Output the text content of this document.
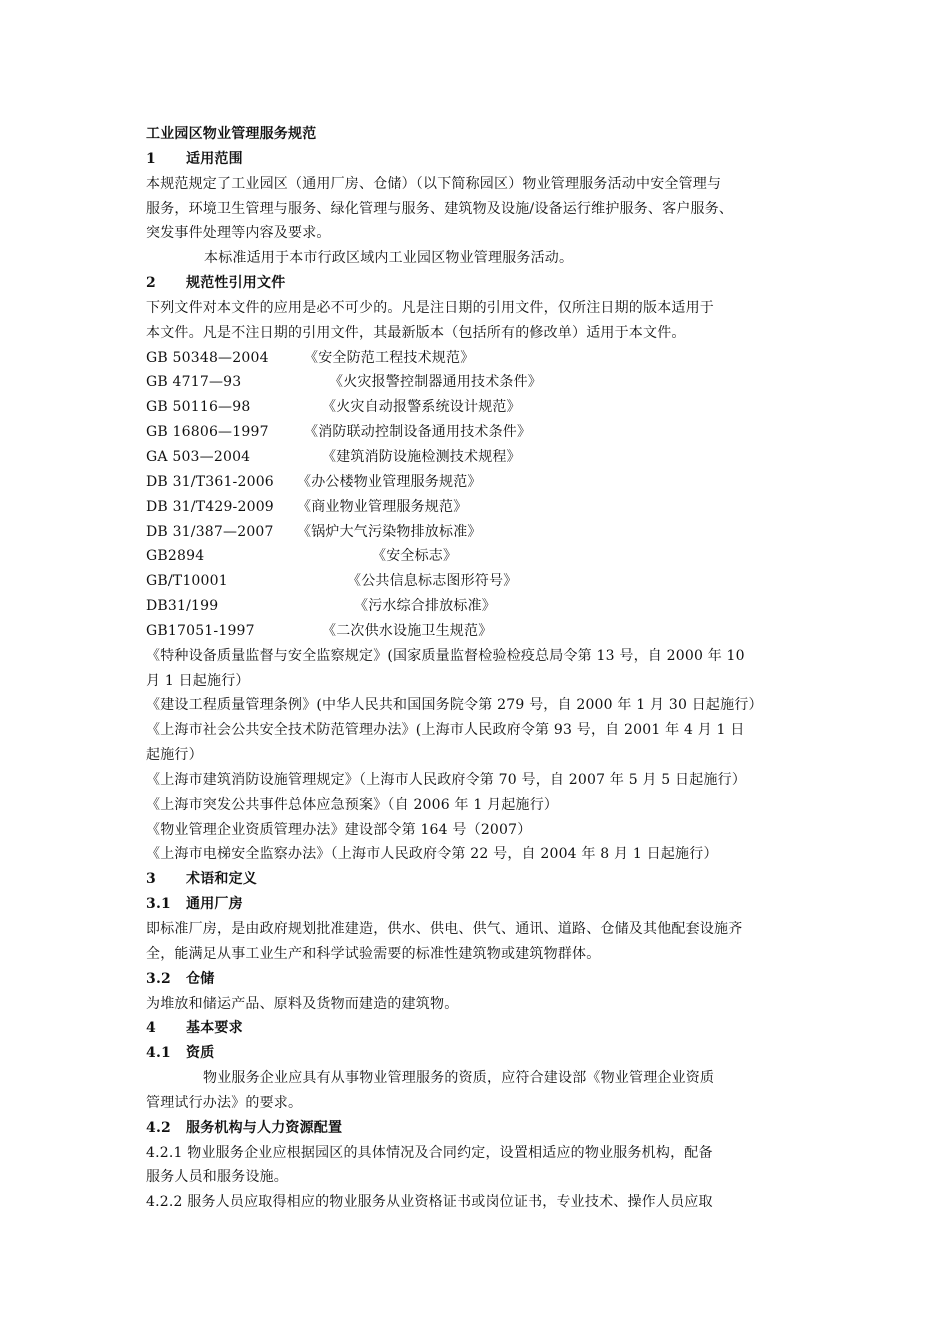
工业园区物业管理服务规范
1 适用范围
本规范规定了工业园区（通用厂房、仓储）（以下简称园区）物业管理服务活动中安全管理与
服务，环境卫生管理与服务、绿化管理与服务、建筑物及设施/设备运行维护服务、客户服务、
突发事件处理等内容及要求。
本标准适用于本市行政区域内工业园区物业管理服务活动。
2 规范性引用文件
下列文件对本文件的应用是必不可少的。凡是注日期的引用文件，仅所注日期的版本适用于
本文件。凡是不注日期的引用文件，其最新版本（包括所有的修改单）适用于本文件。
GB 50348—2004	《安全防范工程技术规范》
GB 4717—93	《火灾报警控制器通用技术条件》
GB 50116—98	《火灾自动报警系统设计规范》
GB 16806—1997	《消防联动控制设备通用技术条件》
GA 503—2004	《建筑消防设施检测技术规程》
DB 31/T361-2006 《办公楼物业管理服务规范》
DB 31/T429-2009 《商业物业管理服务规范》
DB 31/387—2007 《锅炉大气污染物排放标准》
GB2894	《安全标志》
GB/T10001	《公共信息标志图形符号》
DB31/199	《污水综合排放标准》
GB17051-1997	《二次供水设施卫生规范》
《特种设备质量监督与安全监察规定》(国家质量监督检验检疫总局令第 13 号，自 2000 年 10
月 1 日起施行）
《建设工程质量管理条例》(中华人民共和国国务院令第 279 号，自 2000 年 1 月 30 日起施行）
《上海市社会公共安全技术防范管理办法》(上海市人民政府令第 93 号，自 2001 年 4 月 1 日
起施行）
《上海市建筑消防设施管理规定》（上海市人民政府令第 70 号，自 2007 年 5 月 5 日起施行）
《上海市突发公共事件总体应急预案》（自 2006 年 1 月起施行）
《物业管理企业资质管理办法》建设部令第 164 号（2007）
《上海市电梯安全监察办法》（上海市人民政府令第 22 号，自 2004 年 8 月 1 日起施行）
3 术语和定义
3.1 通用厂房
即标准厂房，是由政府规划批准建造，供水、供电、供气、通讯、道路、仓储及其他配套设施齐
全，能满足从事工业生产和科学试验需要的标准性建筑物或建筑物群体。
3.2 仓储
为堆放和储运产品、原料及货物而建造的建筑物。
4 基本要求
4.1 资质
物业服务企业应具有从事物业管理服务的资质，应符合建设部《物业管理企业资质
管理试行办法》的要求。
4.2 服务机构与人力资源配置
4.2.1 物业服务企业应根据园区的具体情况及合同约定，设置相适应的物业服务机构，配备
服务人员和服务设施。
4.2.2 服务人员应取得相应的物业服务从业资格证书或岗位证书，专业技术、操作人员应取
